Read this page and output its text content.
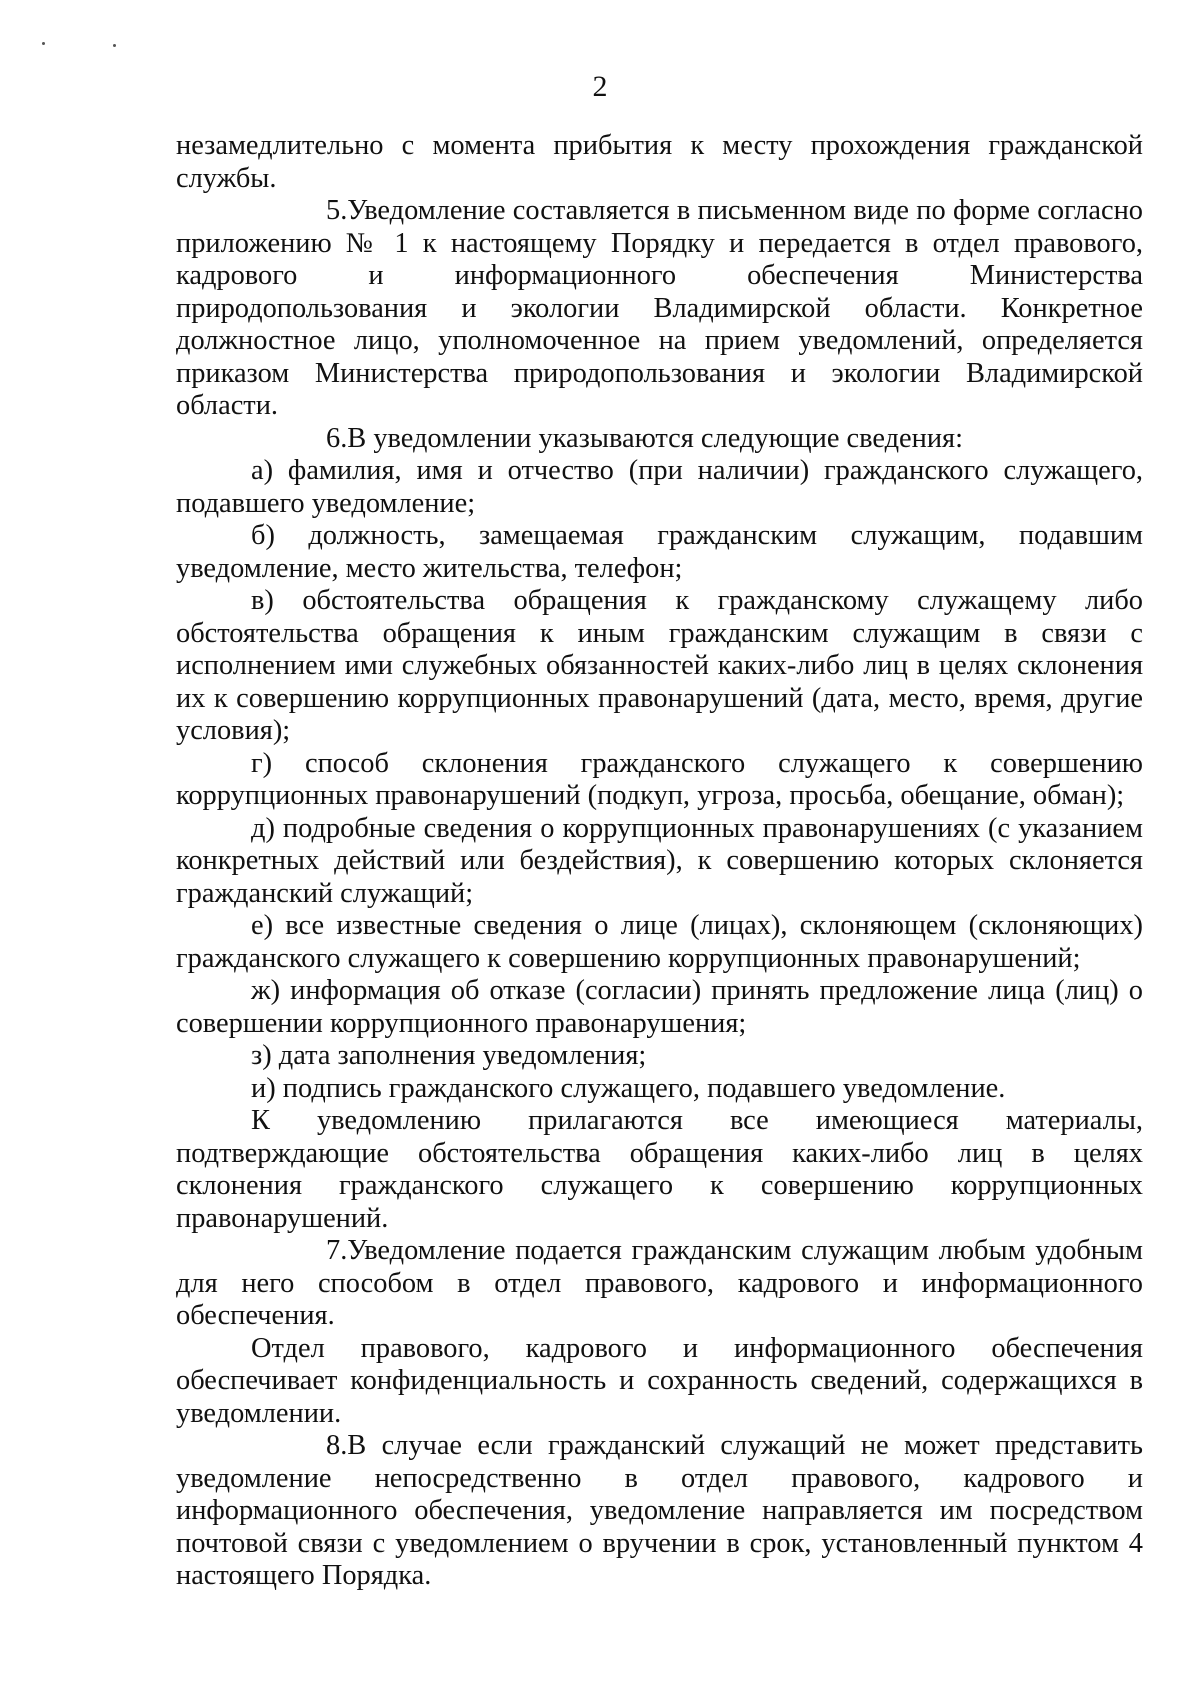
2

незамедлительно с момента прибытия к месту прохождения гражданской службы.

5.Уведомление составляется в письменном виде по форме согласно приложению № 1 к настоящему Порядку и передается в отдел правового, кадрового и информационного обеспечения Министерства природопользования и экологии Владимирской области. Конкретное должностное лицо, уполномоченное на прием уведомлений, определяется приказом Министерства природопользования и экологии Владимирской области.

6.В уведомлении указываются следующие сведения:

а) фамилия, имя и отчество (при наличии) гражданского служащего, подавшего уведомление;

б) должность, замещаемая гражданским служащим, подавшим уведомление, место жительства, телефон;

в) обстоятельства обращения к гражданскому служащему либо обстоятельства обращения к иным гражданским служащим в связи с исполнением ими служебных обязанностей каких-либо лиц в целях склонения их к совершению коррупционных правонарушений (дата, место, время, другие условия);

г) способ склонения гражданского служащего к совершению коррупционных правонарушений (подкуп, угроза, просьба, обещание, обман);

д) подробные сведения о коррупционных правонарушениях (с указанием конкретных действий или бездействия), к совершению которых склоняется гражданский служащий;

е) все известные сведения о лице (лицах), склоняющем (склоняющих) гражданского служащего к совершению коррупционных правонарушений;

ж) информация об отказе (согласии) принять предложение лица (лиц) о совершении коррупционного правонарушения;

з) дата заполнения уведомления;

и) подпись гражданского служащего, подавшего уведомление.

К уведомлению прилагаются все имеющиеся материалы, подтверждающие обстоятельства обращения каких-либо лиц в целях склонения гражданского служащего к совершению коррупционных правонарушений.

7.Уведомление подается гражданским служащим любым удобным для него способом в отдел правового, кадрового и информационного обеспечения.

Отдел правового, кадрового и информационного обеспечения обеспечивает конфиденциальность и сохранность сведений, содержащихся в уведомлении.

8.В случае если гражданский служащий не может представить уведомление непосредственно в отдел правового, кадрового и информационного обеспечения, уведомление направляется им посредством почтовой связи с уведомлением о вручении в срок, установленный пунктом 4 настоящего Порядка.
